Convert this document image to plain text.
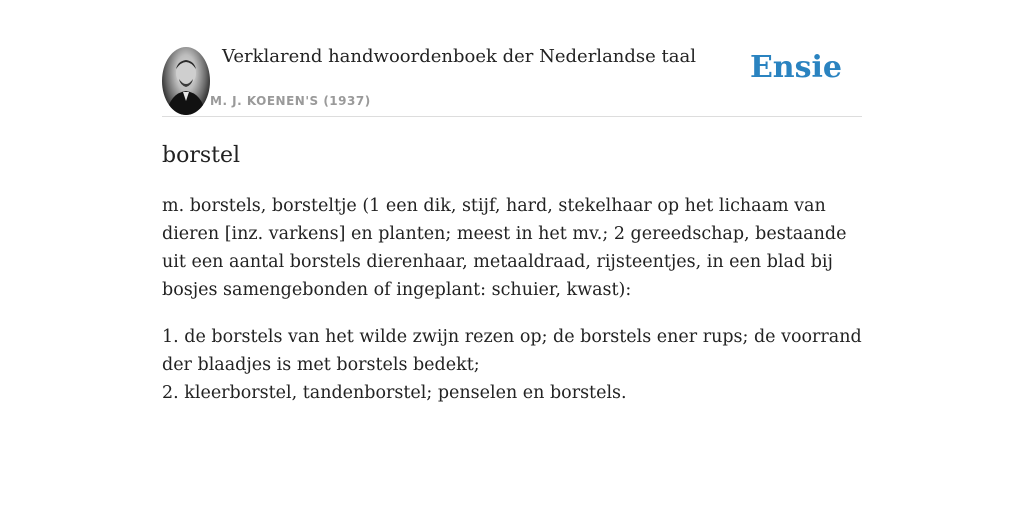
Verklarend handwoordenboek der Nederlandse taal
M. J. KOENEN'S (1937)
Ensie
borstel

m. borstels, borsteltje (1 een dik, stijf, hard, stekelhaar op het lichaam van dieren [inz. varkens] en planten; meest in het mv.; 2 gereedschap, bestaande uit een aantal borstels dierenhaar, metaaldraad, rijsteentjes, in een blad bij bosjes samengebonden of ingeplant: schuier, kwast):

1. de borstels van het wilde zwijn rezen op; de borstels ener rups; de voorrand der blaadjes is met borstels bedekt;

2. kleerborstel, tandenborstel; penselen en borstels.
